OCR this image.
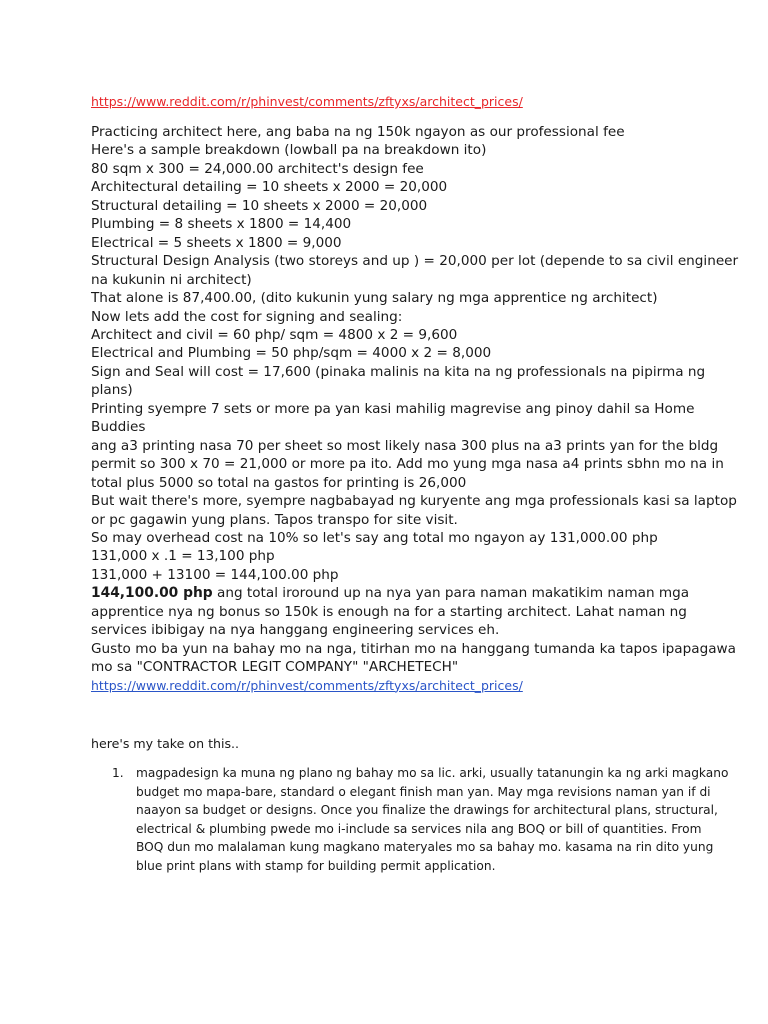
https://www.reddit.com/r/phinvest/comments/zftyxs/architect_prices/
Practicing architect here, ang baba na ng 150k ngayon as our professional fee
Here's a sample breakdown (lowball pa na breakdown ito)
80 sqm x 300 = 24,000.00 architect's design fee
Architectural detailing = 10 sheets x 2000 = 20,000
Structural detailing = 10 sheets x 2000 = 20,000
Plumbing = 8 sheets x 1800 = 14,400
Electrical = 5 sheets x 1800 = 9,000
Structural Design Analysis (two storeys and up ) = 20,000 per lot (depende to sa civil engineer
na kukunin ni architect)
That alone is 87,400.00, (dito kukunin yung salary ng mga apprentice ng architect)
Now lets add the cost for signing and sealing:
Architect and civil = 60 php/ sqm = 4800 x 2 = 9,600
Electrical and Plumbing = 50 php/sqm = 4000 x 2 = 8,000
Sign and Seal will cost = 17,600 (pinaka malinis na kita na ng professionals na pipirma ng
plans)
Printing syempre 7 sets or more pa yan kasi mahilig magrevise ang pinoy dahil sa Home
Buddies
ang a3 printing nasa 70 per sheet so most likely nasa 300 plus na a3 prints yan for the bldg
permit so 300 x 70 = 21,000 or more pa ito. Add mo yung mga nasa a4 prints sbhn mo na in
total plus 5000 so total na gastos for printing is 26,000
But wait there's more, syempre nagbabayad ng kuryente ang mga professionals kasi sa laptop
or pc gagawin yung plans. Tapos transpo for site visit.
So may overhead cost na 10% so let's say ang total mo ngayon ay 131,000.00 php
131,000 x .1 = 13,100 php
131,000 + 13100 = 144,100.00 php
144,100.00 php ang total iroround up na nya yan para naman makatikim naman mga
apprentice nya ng bonus so 150k is enough na for a starting architect. Lahat naman ng
services ibibigay na nya hanggang engineering services eh.
Gusto mo ba yun na bahay mo na nga, titirhan mo na hanggang tumanda ka tapos ipapagawa
mo sa "CONTRACTOR LEGIT COMPANY" "ARCHETECH"
https://www.reddit.com/r/phinvest/comments/zftyxs/architect_prices/
here's my take on this..
1. magpadesign ka muna ng plano ng bahay mo sa lic. arki, usually tatanungin ka ng arki magkano
budget mo mapa-bare, standard o elegant finish man yan. May mga revisions naman yan if di
naayon sa budget or designs. Once you finalize the drawings for architectural plans, structural,
electrical & plumbing pwede mo i-include sa services nila ang BOQ or bill of quantities. From
BOQ dun mo malalaman kung magkano materyales mo sa bahay mo. kasama na rin dito yung
blue print plans with stamp for building permit application.
